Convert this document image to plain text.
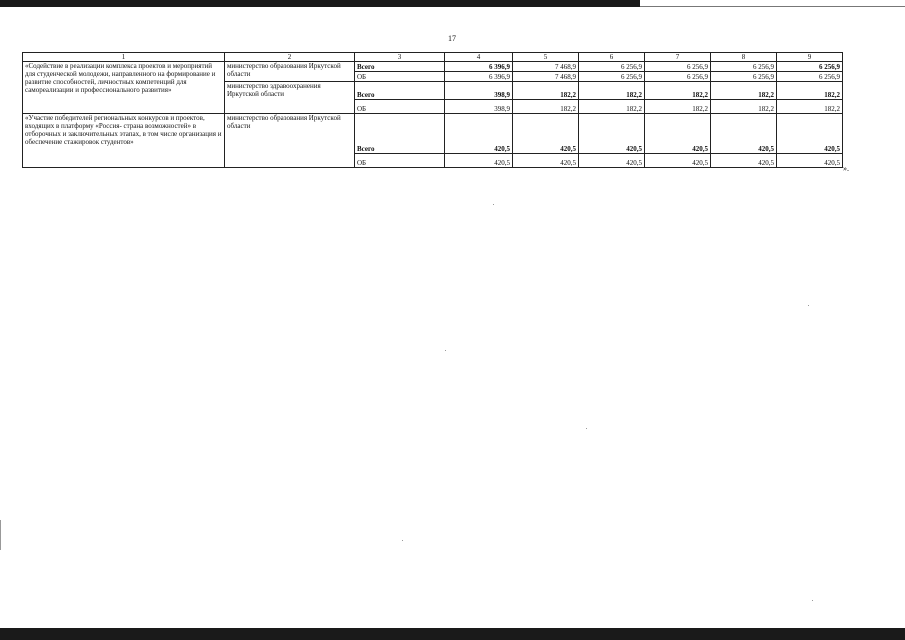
17
1	2	3	4	5	6	7	8	9
«Содействие в реализации комплекса проектов и мероприятий для студенческой молодежи, направленного на формирование и развитие способностей, личностных компетенций для самореализации и профессионального развития»	министерство образования Иркутской области	Всего	6 396,9	7 468,9	6 256,9	6 256,9	6 256,9	6 256,9
		ОБ	6 396,9	7 468,9	6 256,9	6 256,9	6 256,9	6 256,9
	министерство здравоохранения Иркутской области	Всего	398,9	182,2	182,2	182,2	182,2	182,2
		ОБ	398,9	182,2	182,2	182,2	182,2	182,2
«Участие победителей региональных конкурсов и проектов, входящих в платформу «Россия- страна возможностей» в отборочных и заключительных этапах, в том числе организация и обеспечение стажировок студентов»	министерство образования Иркутской области	Всего	420,5	420,5	420,5	420,5	420,5	420,5
		ОБ	420,5	420,5	420,5	420,5	420,5	420,5
».
